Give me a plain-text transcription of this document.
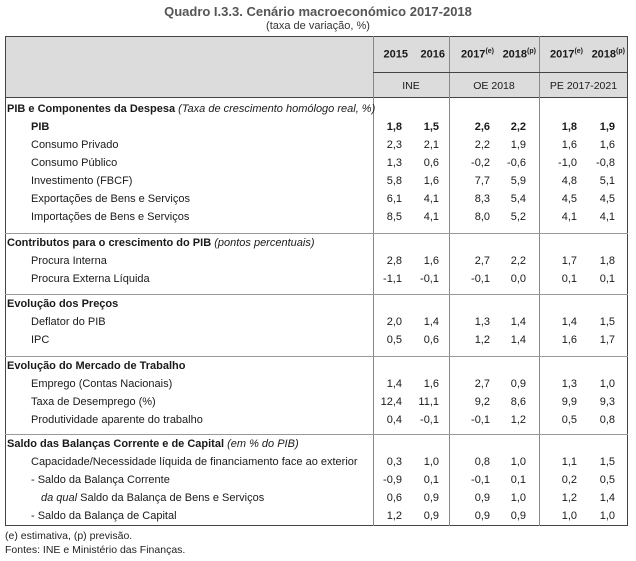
Quadro I.3.3. Cenário macroeconómico 2017-2018
(taxa de variação, %)
2015	2016	2017$^{(e)}$ 2018$^{(p)}$	2017$^{(e)}$ 2018$^{(p)}$
INE	OE 2018	PE 2017-2021
PIB e Componentes da Despesa (Taxa de crescimento homólogo real, %)
PIB	1,8	1,5	2,6	2,2	1,8	1,9
Consumo Privado	2,3	2,1	2,2	1,9	1,6	1,6
Consumo Público	1,3	0,6	-0,2	-0,6	-1,0	-0,8
Investimento (FBCF)	5,8	1,6	7,7	5,9	4,8	5,1
Exportações de Bens e Serviços	6,1	4,1	8,3	5,4	4,5	4,5
Importações de Bens e Serviços	8,5	4,1	8,0	5,2	4,1	4,1
Contributos para o crescimento do PIB (pontos percentuais)
Procura Interna	2,8	1,6	2,7	2,2	1,7	1,8
Procura Externa Líquida	-1,1	-0,1	-0,1	0,0	0,1	0,1
Evolução dos Preços
Deflator do PIB	2,0	1,4	1,3	1,4	1,4	1,5
IPC	0,5	0,6	1,2	1,4	1,6	1,7
Evolução do Mercado de Trabalho
Emprego (Contas Nacionais)	1,4	1,6	2,7	0,9	1,3	1,0
Taxa de Desemprego (%)	12,4	11,1	9,2	8,6	9,9	9,3
Produtividade aparente do trabalho	0,4	-0,1	-0,1	1,2	0,5	0,8
Saldo das Balanças Corrente e de Capital (em % do PIB)
Capacidade/Necessidade líquida de financiamento face ao exterior	0,3	1,0	0,8	1,0	1,1	1,5
- Saldo da Balança Corrente	-0,9	0,1	-0,1	0,1	0,2	0,5
da qual Saldo da Balança de Bens e Serviços	0,6	0,9	0,9	1,0	1,2	1,4
- Saldo da Balança de Capital	1,2	0,9	0,9	0,9	1,0	1,0
(e) estimativa, (p) previsão.
Fontes: INE e Ministério das Finanças.
